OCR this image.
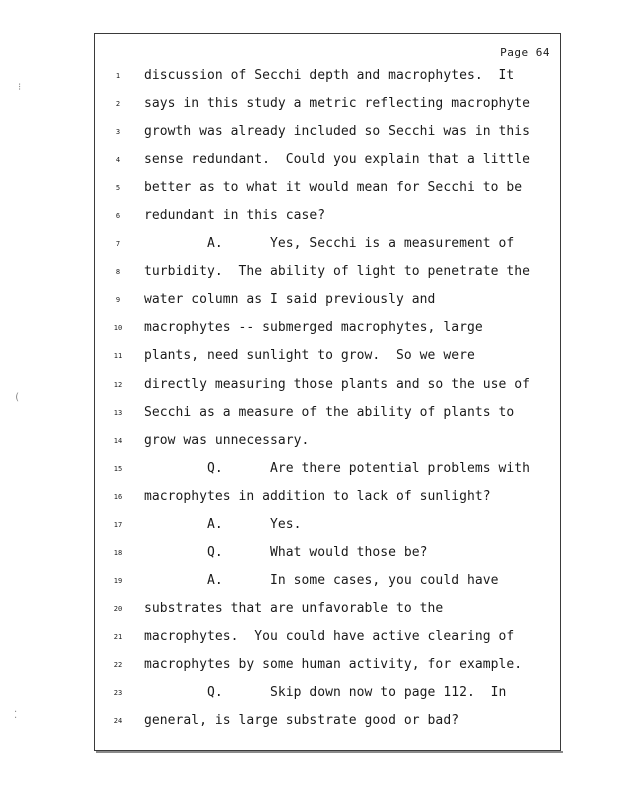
⁝
(
⁚
Page 64
1
2
3
4
5
6
7
8
9
10
11
12
13
14
15
16
17
18
19
20
21
22
23
24
discussion of Secchi depth and macrophytes.  It
says in this study a metric reflecting macrophyte
growth was already included so Secchi was in this
sense redundant.  Could you explain that a little
better as to what it would mean for Secchi to be
redundant in this case?
A.      Yes, Secchi is a measurement of
turbidity.  The ability of light to penetrate the
water column as I said previously and
macrophytes -- submerged macrophytes, large
plants, need sunlight to grow.  So we were
directly measuring those plants and so the use of
Secchi as a measure of the ability of plants to
grow was unnecessary.
Q.      Are there potential problems with
macrophytes in addition to lack of sunlight?
A.      Yes.
Q.      What would those be?
A.      In some cases, you could have
substrates that are unfavorable to the
macrophytes.  You could have active clearing of
macrophytes by some human activity, for example.
Q.      Skip down now to page 112.  In
general, is large substrate good or bad?
